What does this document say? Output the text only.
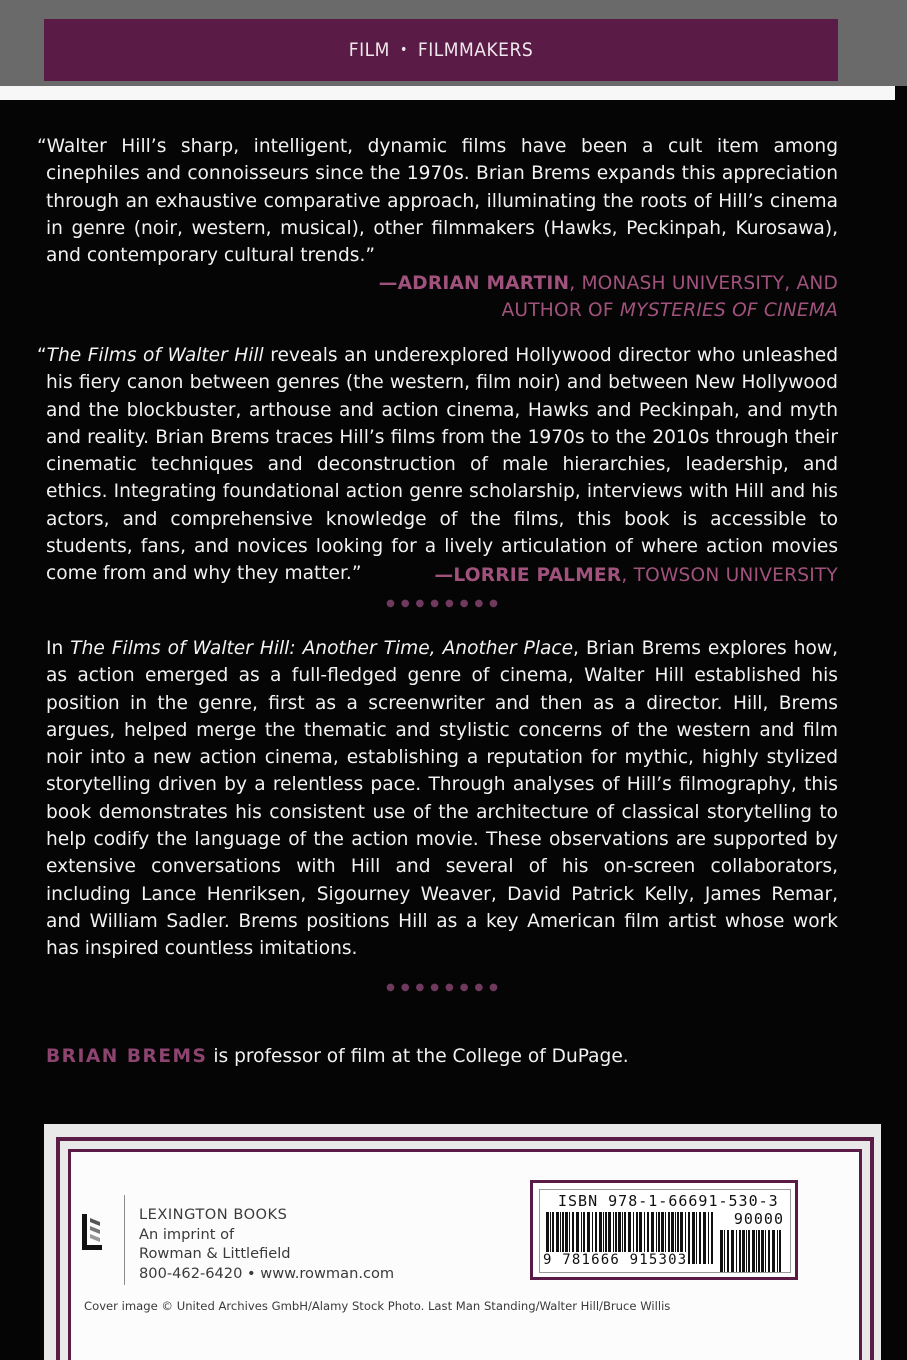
FILM • FILMMAKERS
“Walter Hill’s sharp, intelligent, dynamic films have been a cult item among cinephiles and connoisseurs since the 1970s. Brian Brems expands this appreciation through an exhaustive comparative approach, illuminating the roots of Hill’s cinema in genre (noir, western, musical), other filmmakers (Hawks, Peckinpah, Kurosawa), and contemporary cultural trends.”
—ADRIAN MARTIN, MONASH UNIVERSITY, AND
AUTHOR OF MYSTERIES OF CINEMA
“The Films of Walter Hill reveals an underexplored Hollywood director who unleashed his fiery canon between genres (the western, film noir) and between New Hollywood and the blockbuster, arthouse and action cinema, Hawks and Peckinpah, and myth and reality. Brian Brems traces Hill’s films from the 1970s to the 2010s through their cinematic techniques and deconstruction of male hierarchies, leadership, and ethics. Integrating foundational action genre scholarship, interviews with Hill and his actors, and comprehensive knowledge of the films, this book is accessible to students, fans, and novices looking for a lively articulation of where action movies come from and why they matter.”	—LORRIE PALMER, TOWSON UNIVERSITY
●●●●●●●●
In The Films of Walter Hill: Another Time, Another Place, Brian Brems explores how, as action emerged as a full-fledged genre of cinema, Walter Hill established his position in the genre, first as a screenwriter and then as a director. Hill, Brems argues, helped merge the thematic and stylistic concerns of the western and film noir into a new action cinema, establishing a reputation for mythic, highly stylized storytelling driven by a relentless pace. Through analyses of Hill’s filmography, this book demonstrates his consistent use of the architecture of classical storytelling to help codify the language of the action movie. These observations are supported by extensive conversations with Hill and several of his on-screen collaborators, including Lance Henriksen, Sigourney Weaver, David Patrick Kelly, James Remar, and William Sadler. Brems positions Hill as a key American film artist whose work has inspired countless imitations.
●●●●●●●●
BRIAN BREMS is professor of film at the College of DuPage.
LEXINGTON BOOKS
An imprint of
Rowman & Littlefield
800-462-6420 • www.rowman.com
ISBN 978-1-66691-530-3
90000
9 781666 915303
Cover image © United Archives GmbH/Alamy Stock Photo. Last Man Standing/Walter Hill/Bruce Willis
